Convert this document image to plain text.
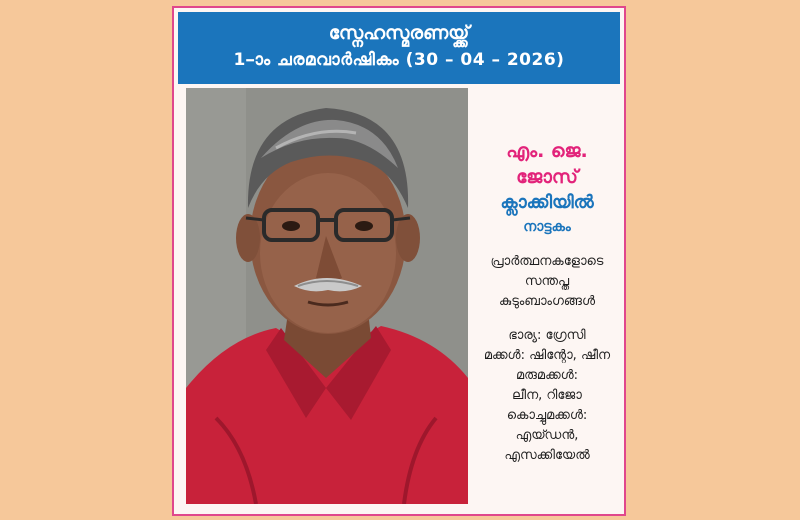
സ്നേഹസ്മരണയ്ക്ക്
1–ാം ചരമവാർഷികം (30 – 04 – 2026)
എം. ജെ.
ജോസ്
ക്ലാക്കിയിൽ
നാട്ടകം
പ്രാർത്ഥനകളോടെ
സന്തപ്ത
കുടുംബാംഗങ്ങൾ
ഭാര്യ: ഗ്രേസി
മക്കൾ: ഷിന്റോ, ഷീന
മരുമക്കൾ:
ലീന, റിജോ
കൊച്ചുമക്കൾ:
എയ്ഡൻ,
എസക്കിയേൽ
